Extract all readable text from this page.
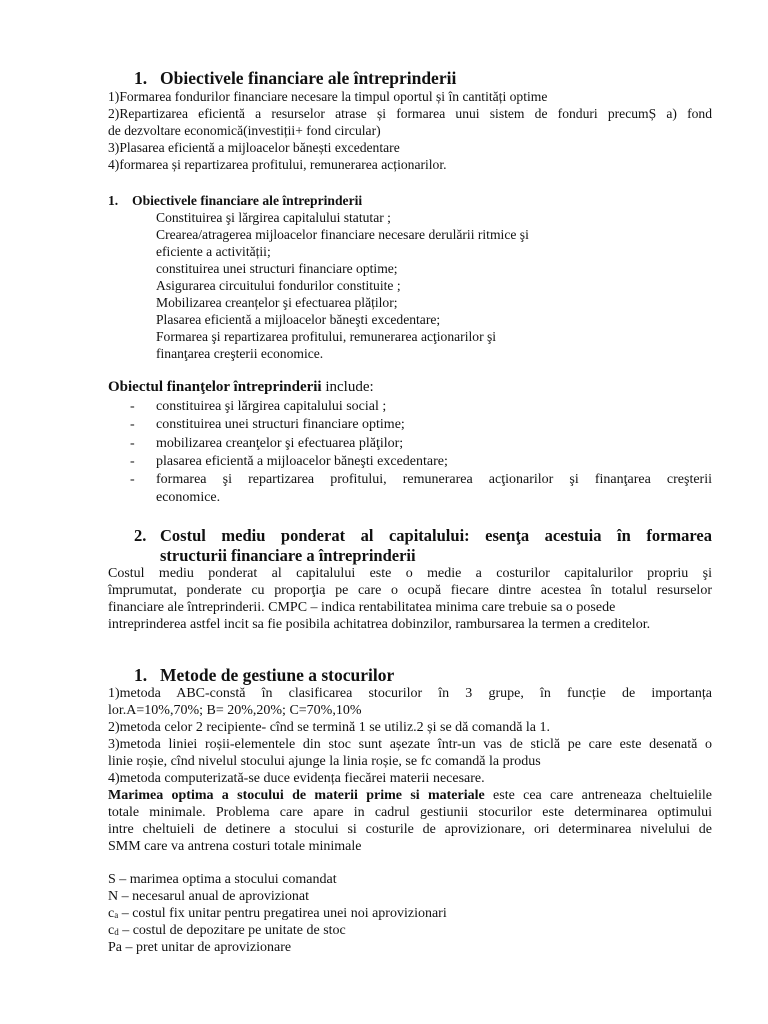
1. Obiectivele financiare ale întreprinderii
1)Formarea fondurilor financiare necesare la timpul oportul și în cantități optime
2)Repartizarea eficientă a resurselor atrase și formarea unui sistem de fonduri precumȘ a) fond
de dezvoltare economică(investiții+ fond circular)
3)Plasarea eficientă a mijloacelor bănești excedentare
4)formarea și repartizarea profitului, remunerarea acționarilor.
1. Obiectivele financiare ale întreprinderii
Constituirea şi lărgirea capitalului statutar ;
Crearea/atragerea mijloacelor financiare necesare derulării ritmice şi
eficiente a activității;
constituirea unei structuri financiare optime;
Asigurarea circuitului fondurilor constituite ;
Mobilizarea creanțelor şi efectuarea plăților;
Plasarea eficientă a mijloacelor băneşti excedentare;
Formarea şi repartizarea profitului, remunerarea acţionarilor şi
finanţarea creşterii economice.
Obiectul finanţelor întreprinderii include:
- constituirea şi lărgirea capitalului social ;
- constituirea unei structuri financiare optime;
- mobilizarea creanţelor şi efectuarea plăţilor;
- plasarea eficientă a mijloacelor băneşti excedentare;
- formarea şi repartizarea profitului, remunerarea acţionarilor şi finanţarea creşterii
economice.
2. Costul mediu ponderat al capitalului: esenţa acestuia în formarea
structurii financiare a întreprinderii
Costul mediu ponderat al capitalului este o medie a costurilor capitalurilor propriu şi
împrumutat, ponderate cu proporţia pe care o ocupă fiecare dintre acestea în totalul resurselor
financiare ale întreprinderii. CMPC – indica rentabilitatea minima care trebuie sa o posede
intreprinderea astfel incit sa fie posibila achitatrea dobinzilor, rambursarea la termen a creditelor.
1. Metode de gestiune a stocurilor
1)metoda ABC-constă în clasificarea stocurilor în 3 grupe, în funcție de importanța
lor.A=10%,70%; B= 20%,20%; C=70%,10%
2)metoda celor 2 recipiente- cînd se termină 1 se utiliz.2 și se dă comandă la 1.
3)metoda liniei roșii-elementele din stoc sunt așezate într-un vas de sticlă pe care este desenată o
linie roșie, cînd nivelul stocului ajunge la linia roșie, se fc comandă la produs
4)metoda computerizată-se duce evidența fiecărei materii necesare.
Marimea optima a stocului de materii prime si materiale este cea care antreneaza cheltuielile
totale minimale. Problema care apare in cadrul gestiunii stocurilor este determinarea optimului
intre cheltuieli de detinere a stocului si costurile de aprovizionare, ori determinarea nivelului de
SMM care va antrena costuri totale minimale
S – marimea optima a stocului comandat
N – necesarul anual de aprovizionat
ca – costul fix unitar pentru pregatirea unei noi aprovizionari
cd – costul de depozitare pe unitate de stoc
Pa – pret unitar de aprovizionare
